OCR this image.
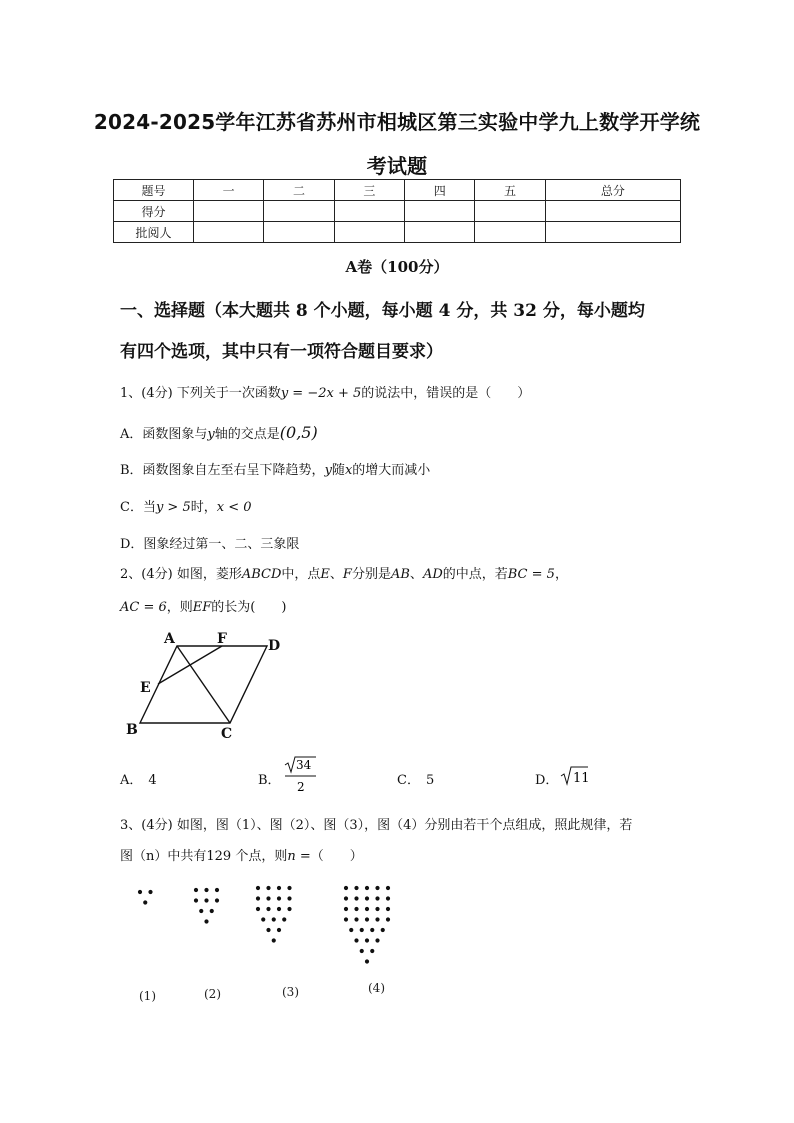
2024-2025学年江苏省苏州市相城区第三实验中学九上数学开学统
考试题
题号	一	二	三	四	五	总分
得分						
批阅人						
A卷（100分）
一、选择题（本大题共 8 个小题，每小题 4 分，共 32 分，每小题均
有四个选项，其中只有一项符合题目要求）
1、(4分) 下列关于一次函数y = −2x + 5的说法中，错误的是（　　）
A．函数图象与y轴的交点是(0,5)
B．函数图象自左至右呈下降趋势，y随x的增大而减小
C．当y > 5时，x < 0
D．图象经过第一、二、三象限
2、(4分) 如图，菱形ABCD中，点E、F分别是AB、AD的中点，若BC = 5，
AC = 6，则EF的长为(　　)
A	F	D
E
B	C
A． 4	B．
34
2	C． 5	D． 11
3、(4分) 如图，图（1）、图（2）、图（3），图（4）分别由若干个点组成，照此规律，若
图（n）中共有129 个点，则n =（　　）
(1)	(2)	(3)	(4)
